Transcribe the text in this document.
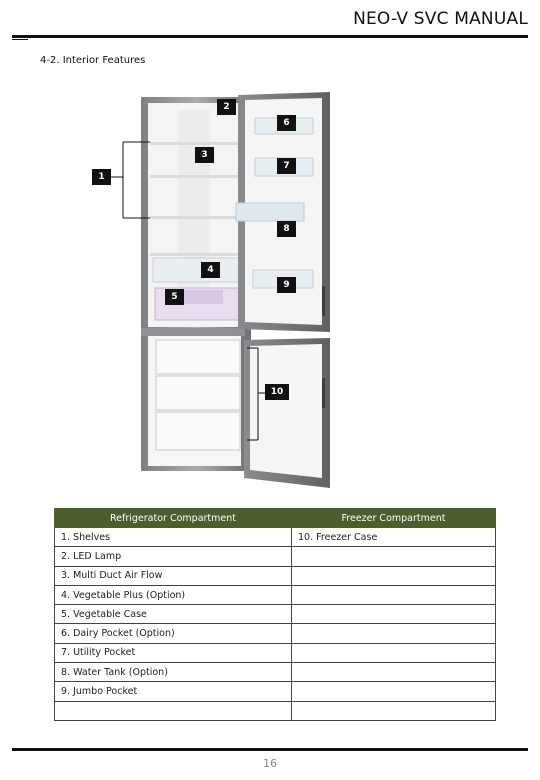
NEO-V SVC MANUAL
4-2. Interior Features
1
2
3
4
5
6
7
8
9
10
Refrigerator Compartment	Freezer Compartment
1. Shelves	10. Freezer Case
2. LED Lamp	
3. Multi Duct Air Flow	
4. Vegetable Plus (Option)	
5. Vegetable Case	
6. Dairy Pocket (Option)	
7. Utility Pocket	
8. Water Tank (Option)	
9. Jumbo Pocket	

16
